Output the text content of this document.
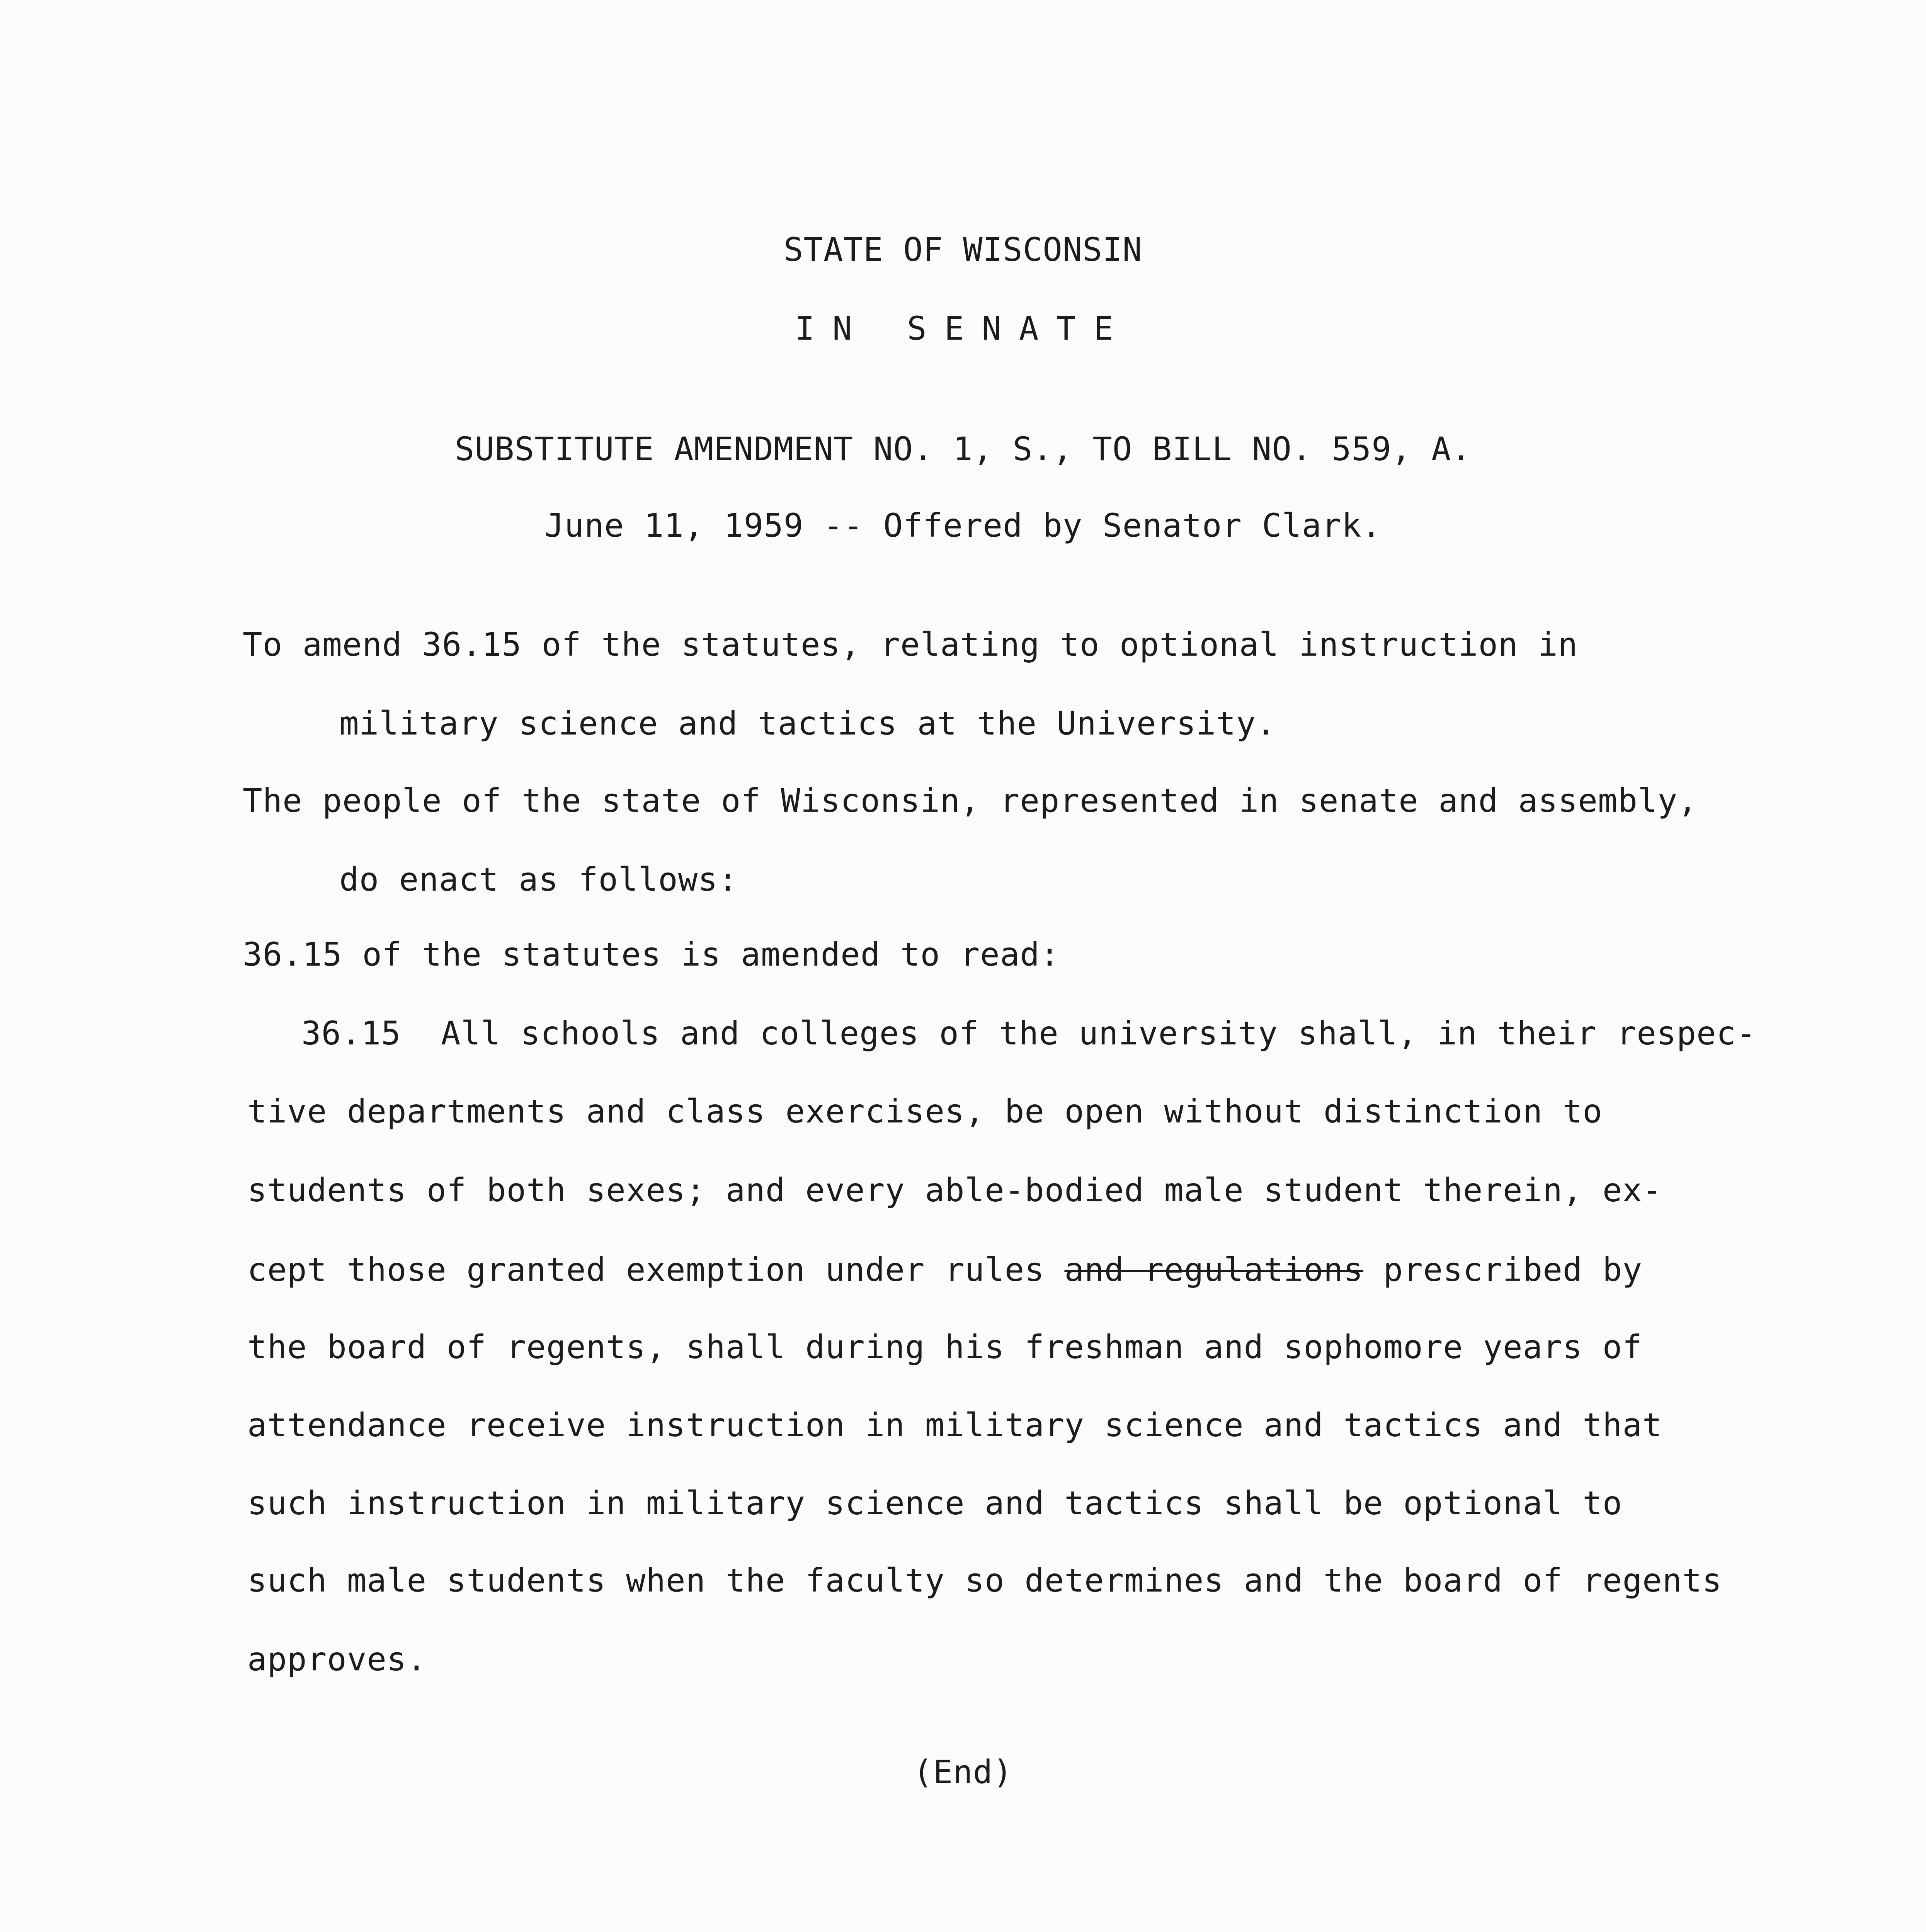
STATE OF WISCONSIN
IN SENATE
SUBSTITUTE AMENDMENT NO. 1, S., TO BILL NO. 559, A.
June 11, 1959 -- Offered by Senator Clark.
To amend 36.15 of the statutes, relating to optional instruction in
military science and tactics at the University.
The people of the state of Wisconsin, represented in senate and assembly,
do enact as follows:
36.15 of the statutes is amended to read:
36.15  All schools and colleges of the university shall, in their respec-
tive departments and class exercises, be open without distinction to
students of both sexes; and every able-bodied male student therein, ex-
cept those granted exemption under rules and regulations prescribed by
the board of regents, shall during his freshman and sophomore years of
attendance receive instruction in military science and tactics and that
such instruction in military science and tactics shall be optional to
such male students when the faculty so determines and the board of regents
approves.
(End)
